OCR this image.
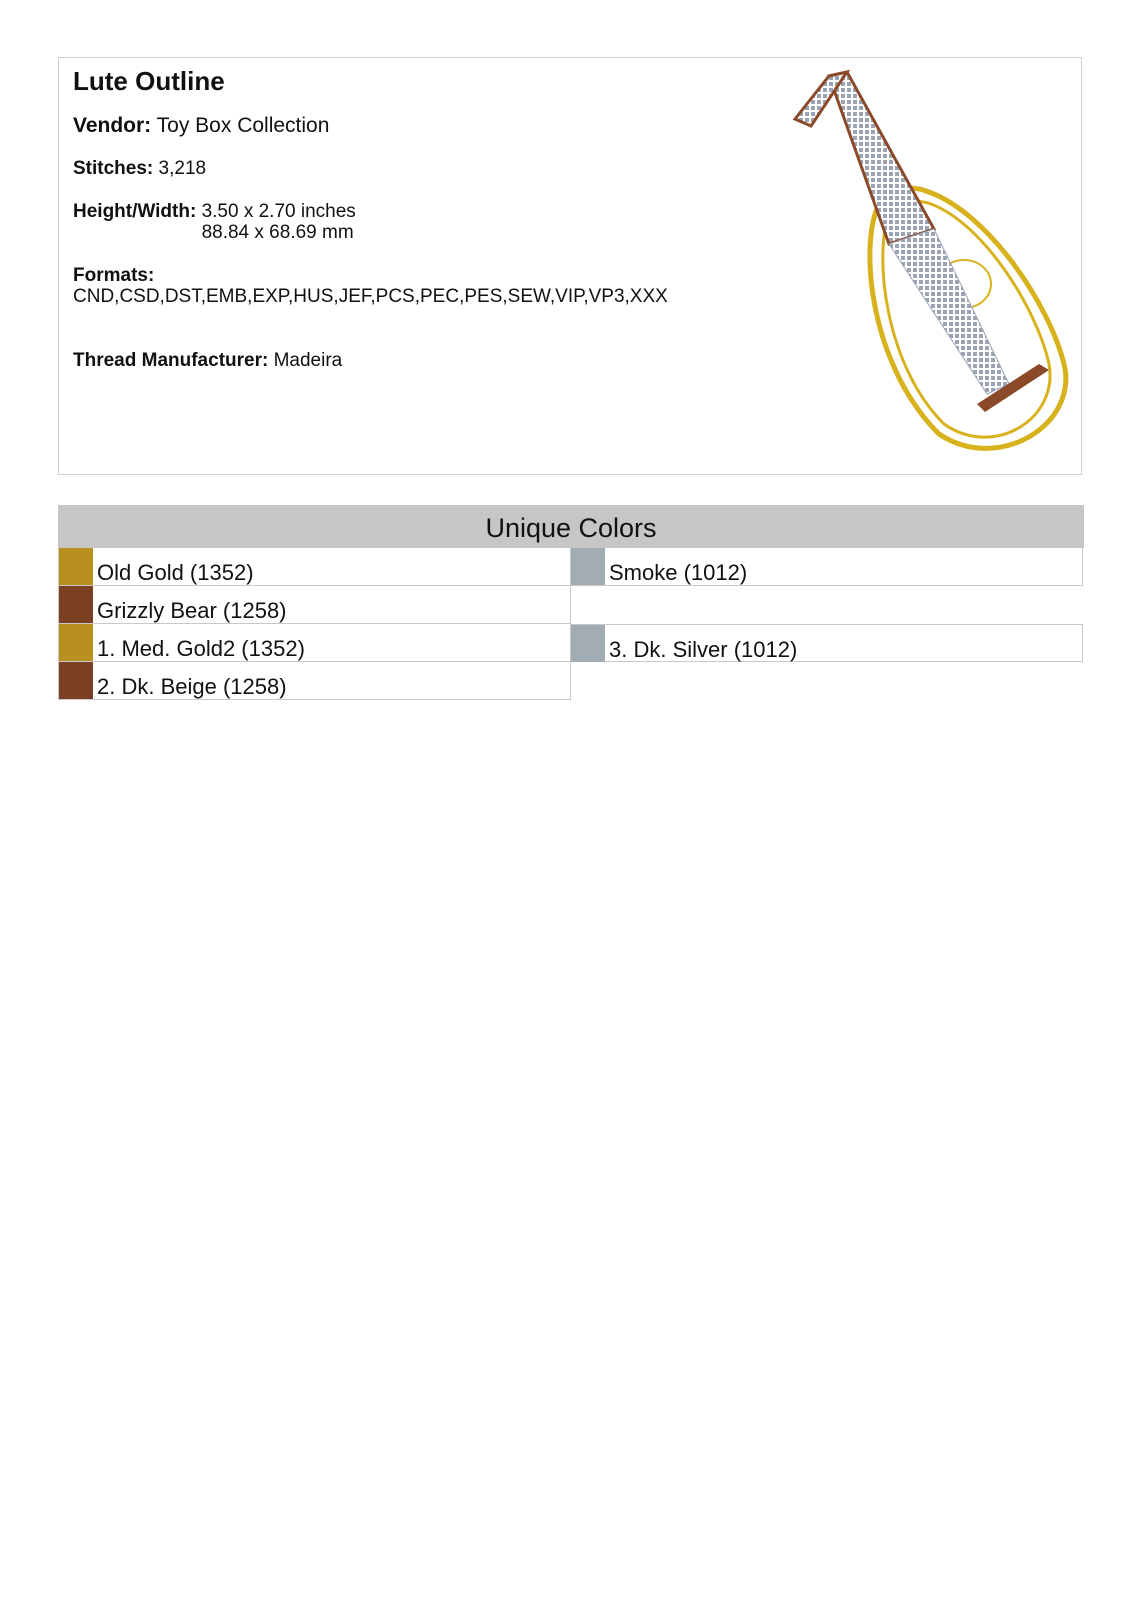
Lute Outline
Vendor: Toy Box Collection
Stitches: 3,218
Height/Width: 3.50 x 2.70 inches
88.84 x 68.69 mm
Formats:
CND,CSD,DST,EMB,EXP,HUS,JEF,PCS,PEC,PES,SEW,VIP,VP3,XXX
Thread Manufacturer: Madeira
Unique Colors
Old Gold (1352)	Smoke (1012)
Grizzly Bear (1258)
1. Med. Gold2 (1352)	3. Dk. Silver (1012)
2. Dk. Beige (1258)
